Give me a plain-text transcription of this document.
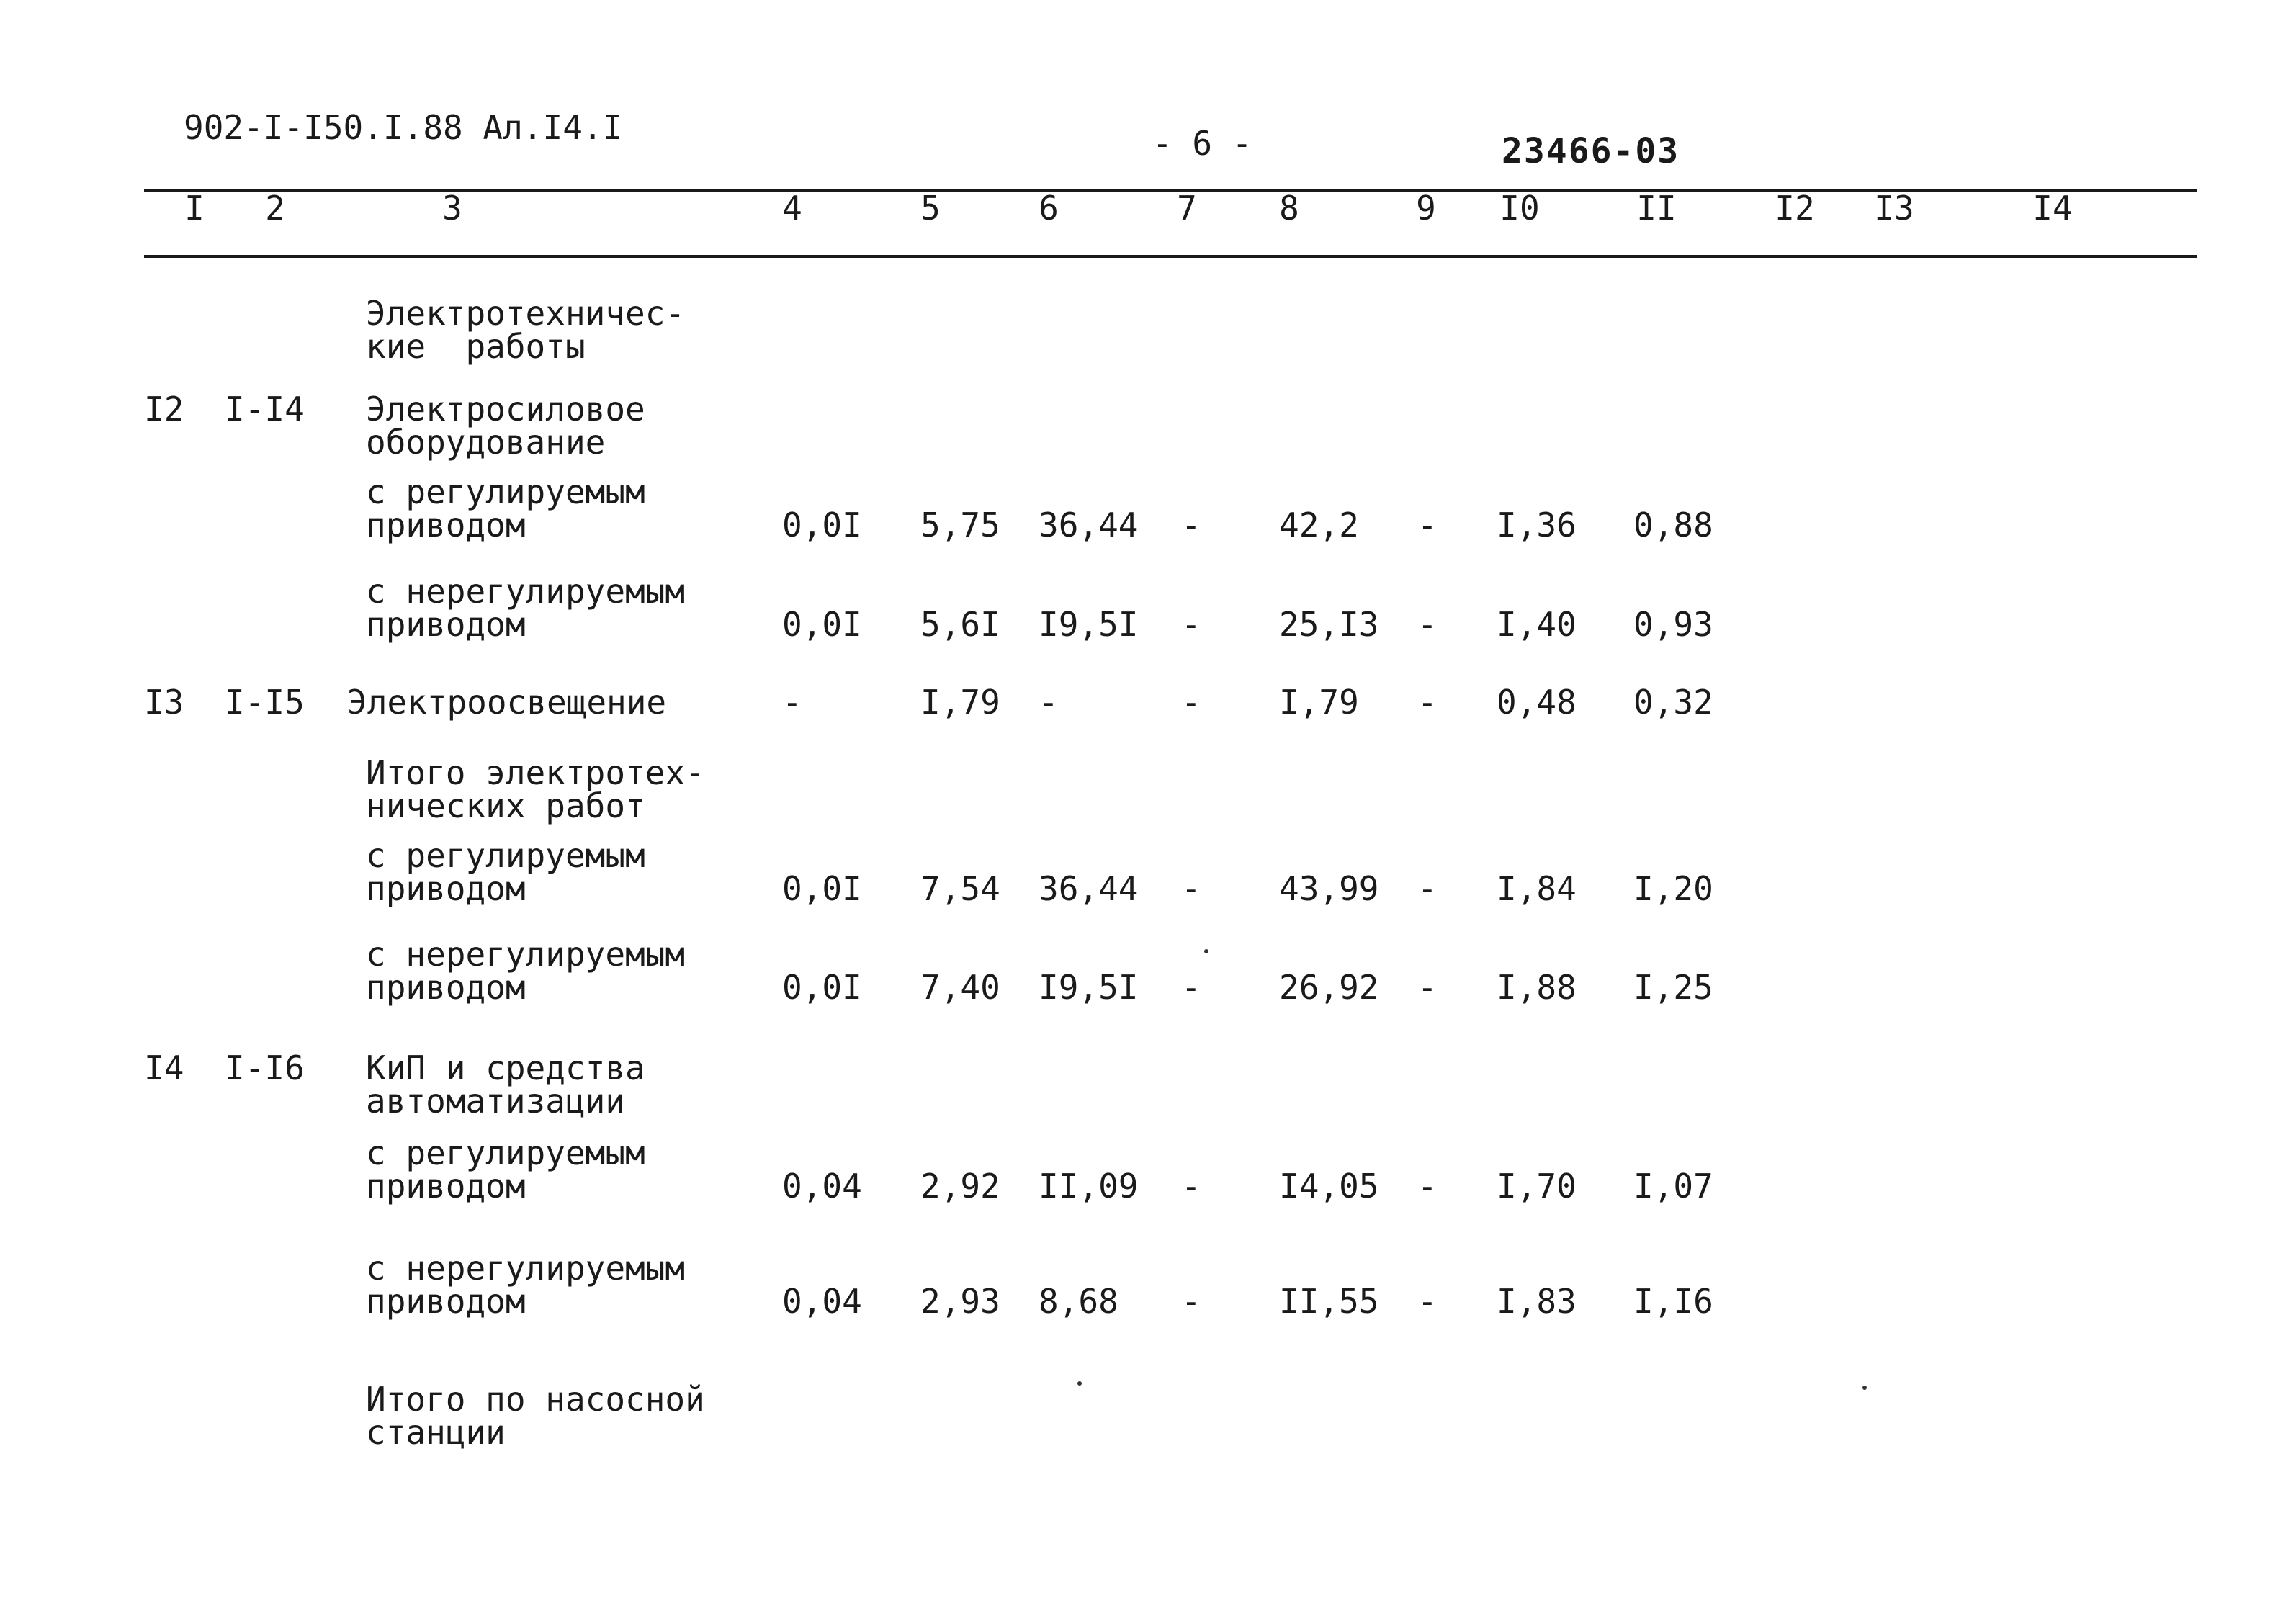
902-I-I50.I.88 Ал.I4.I	- 6 -	23466-03
I 2	3	4	5	6	7 8	9 I0	II	I2 I3	I4
Электротехничес-
кие  работы
I2 I-I4 Электросиловое
оборудование
с регулируемым
приводом	0,0I 5,75 36,44 - 42,2 - I,36 0,88
с нерегулируемым
приводом	0,0I 5,6I I9,5I - 25,I3 - I,40 0,93
I3 I-I5 Электроосвещение	-	I,79 -	- I,79 - 0,48 0,32
Итого электротех-
нических работ
с регулируемым
приводом	0,0I 7,54 36,44 - 43,99 - I,84 I,20
с нерегулируемым
приводом	0,0I 7,40 I9,5I - 26,92 - I,88 I,25
I4 I-I6 КиП и средства
автоматизации
с регулируемым
приводом	0,04 2,92 II,09 - I4,05 - I,70 I,07
с нерегулируемым
приводом	0,04 2,93 8,68 - II,55 - I,83 I,I6
Итого по насосной
станции
